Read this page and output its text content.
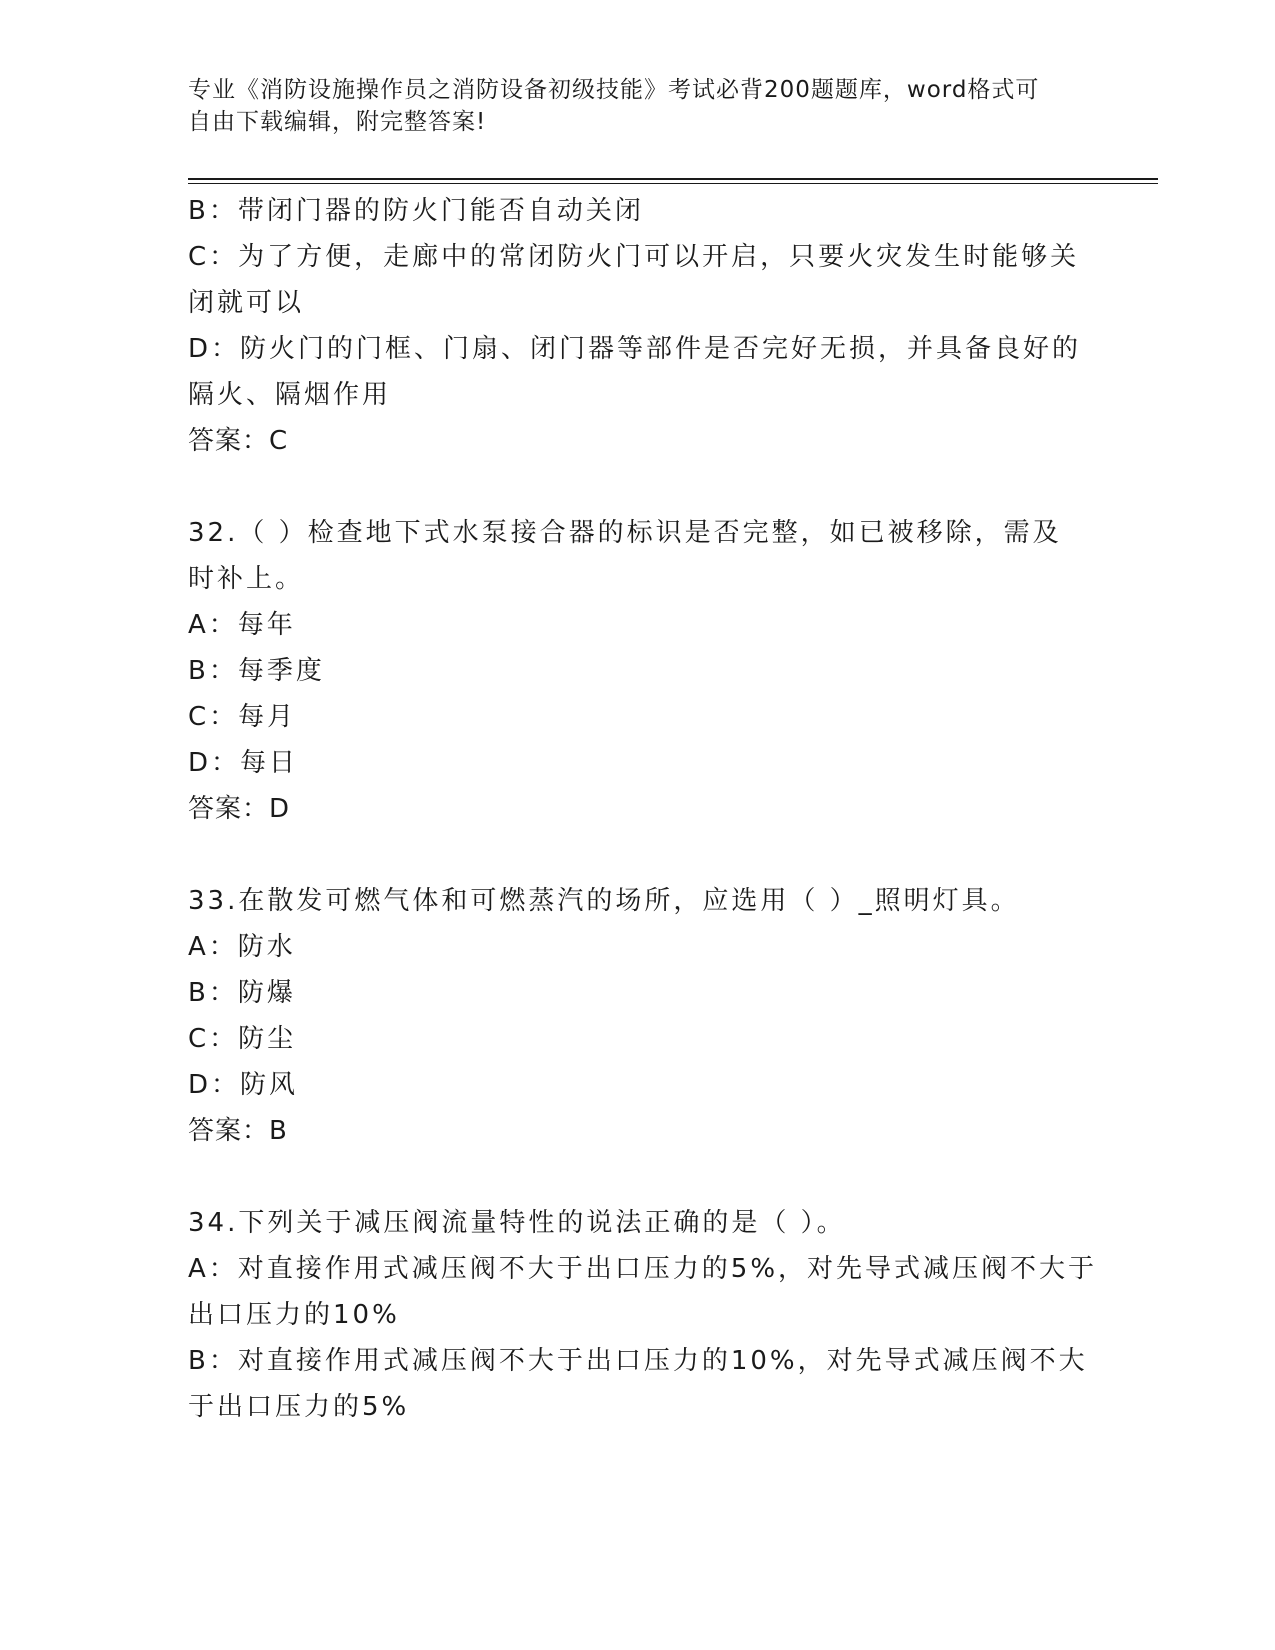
专业《消防设施操作员之消防设备初级技能》考试必背200题题库，word格式可
自由下载编辑，附完整答案!
B：带闭门器的防火门能否自动关闭
C：为了方便，走廊中的常闭防火门可以开启，只要火灾发生时能够关
闭就可以
D：防火门的门框、门扇、闭门器等部件是否完好无损，并具备良好的
隔火、隔烟作用
答案：C
32.（ ）检查地下式水泵接合器的标识是否完整，如已被移除，需及
时补上。
A：每年
B：每季度
C：每月
D：每日
答案：D
33.在散发可燃气体和可燃蒸汽的场所，应选用（ ）_照明灯具。
A：防水
B：防爆
C：防尘
D：防风
答案：B
34.下列关于减压阀流量特性的说法正确的是（ ）。
A：对直接作用式减压阀不大于出口压力的5%，对先导式减压阀不大于
出口压力的10%
B：对直接作用式减压阀不大于出口压力的10%，对先导式减压阀不大
于出口压力的5%
